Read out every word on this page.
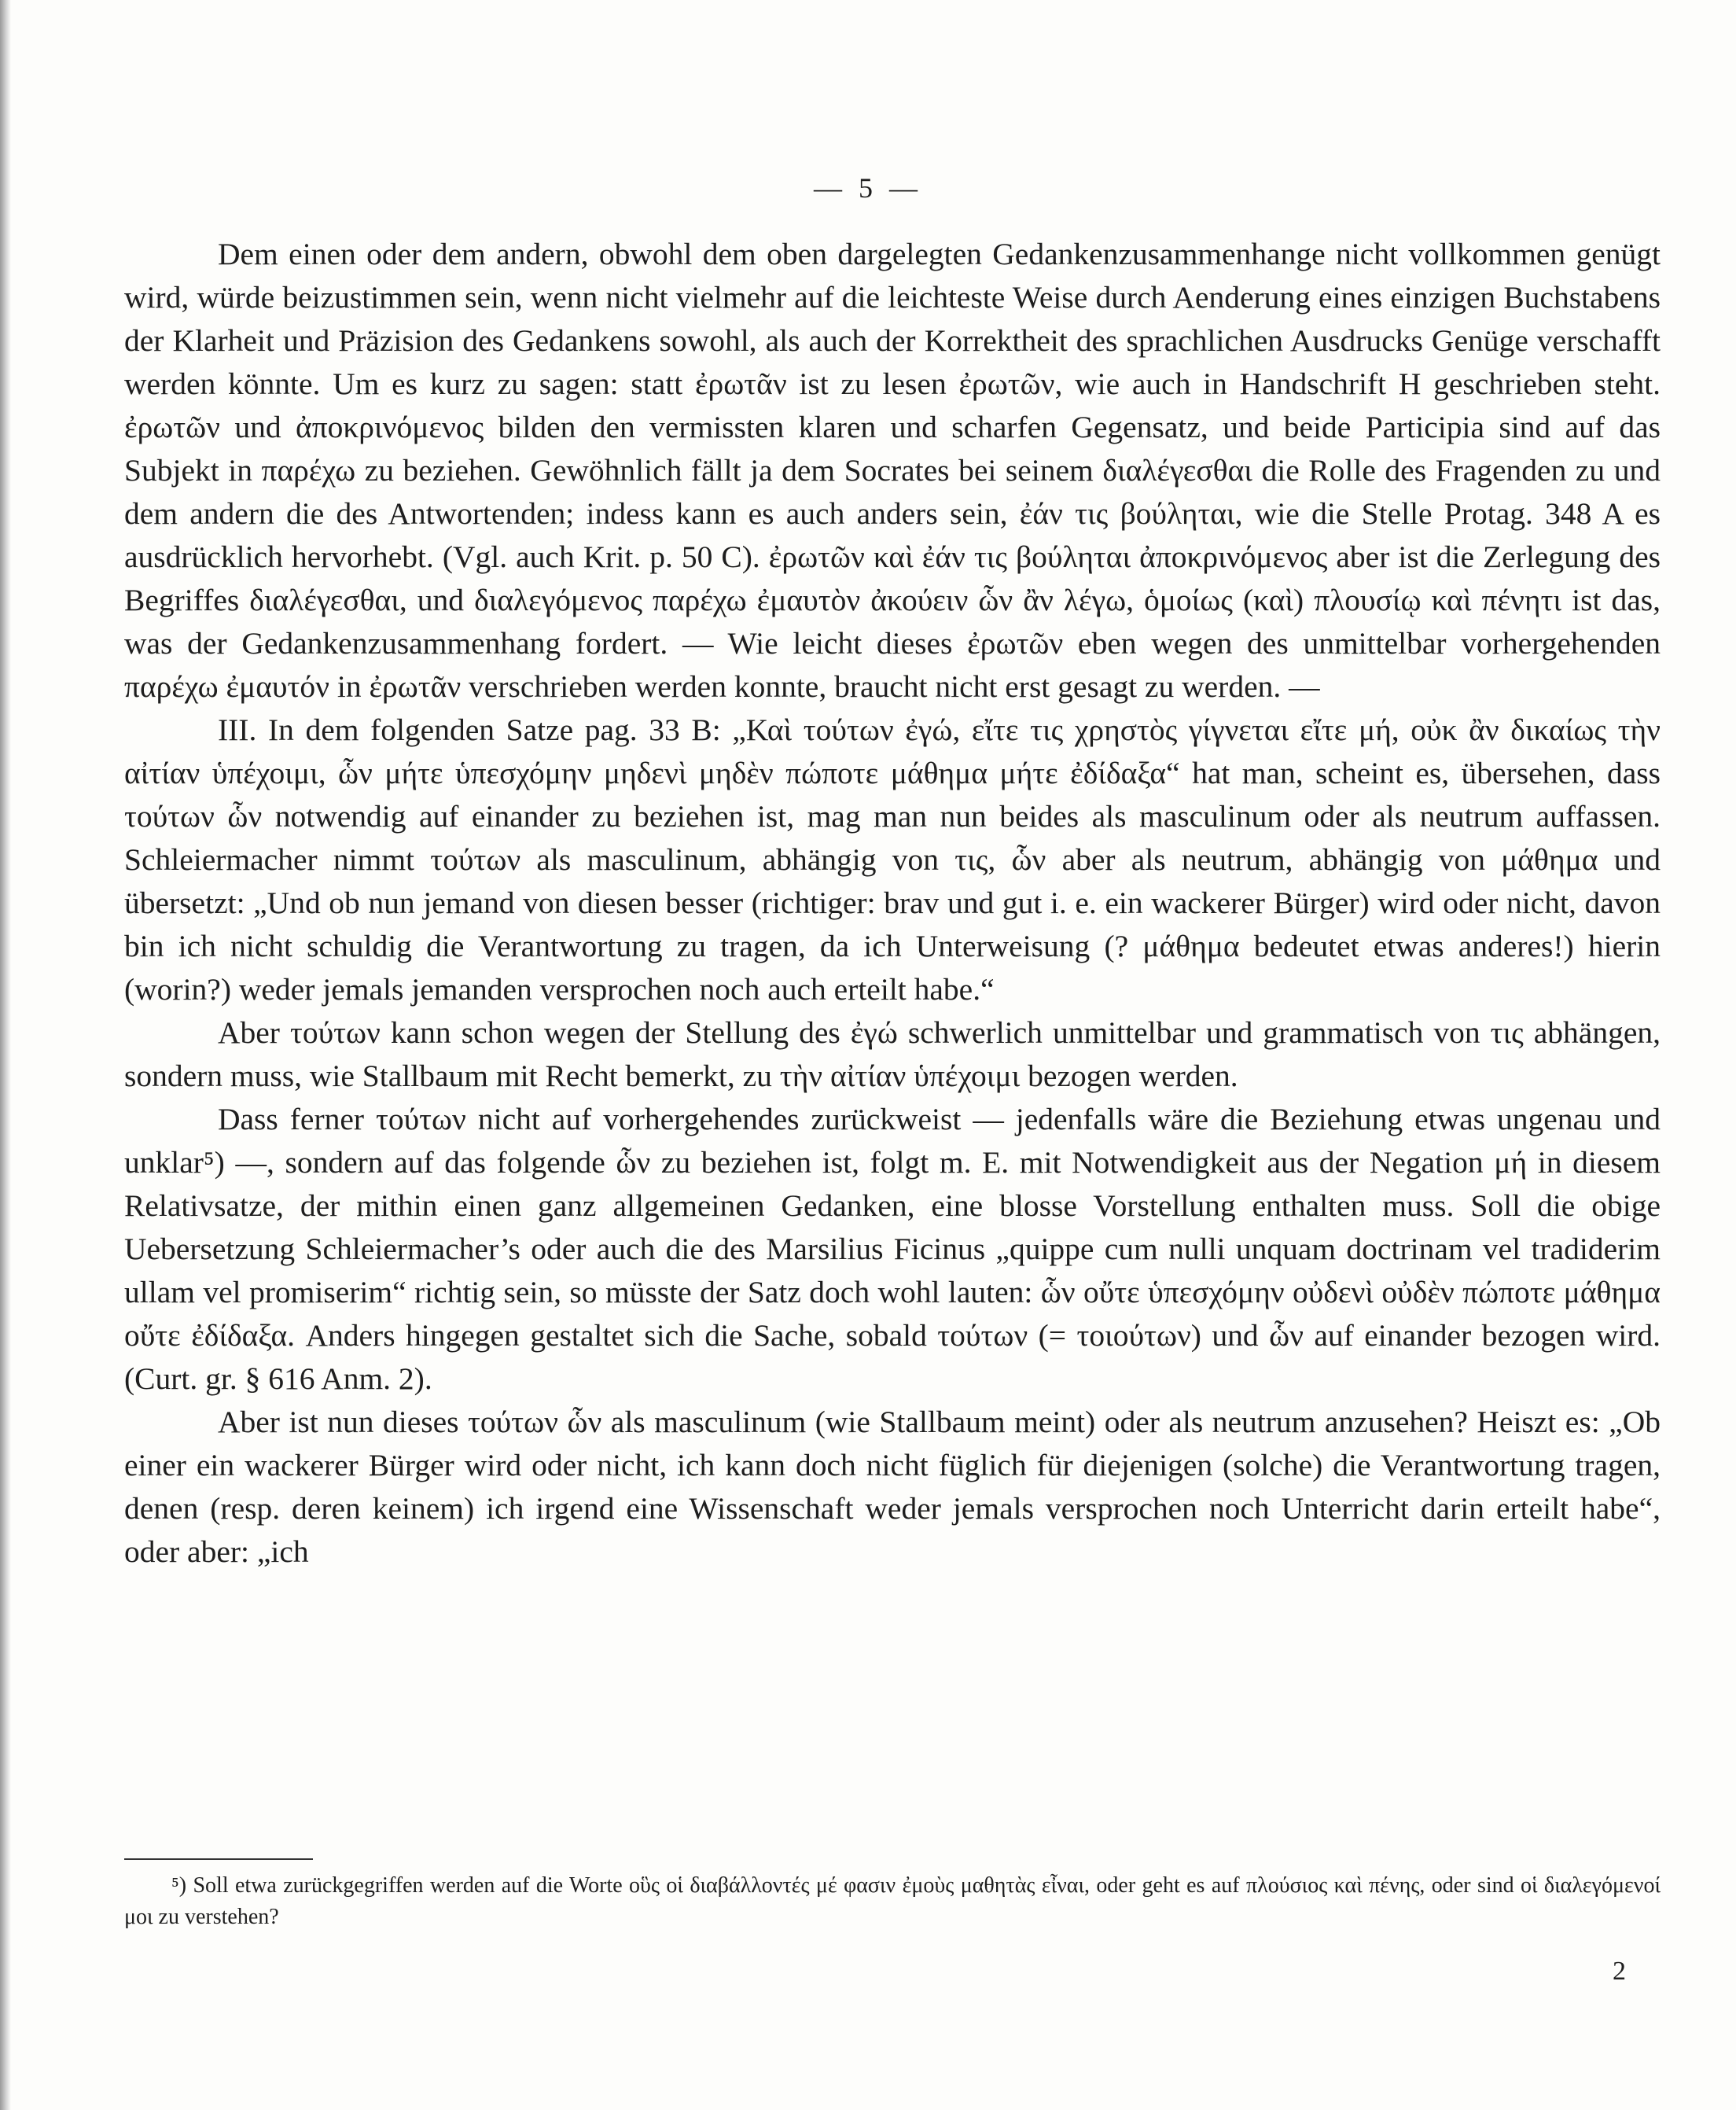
— 5 —

Dem einen oder dem andern, obwohl dem oben dargelegten Gedankenzusammenhange nicht vollkommen genügt wird, würde beizustimmen sein, wenn nicht vielmehr auf die leichteste Weise durch Aenderung eines einzigen Buchstabens der Klarheit und Präzision des Gedankens sowohl, als auch der Korrektheit des sprachlichen Ausdrucks Genüge verschafft werden könnte. Um es kurz zu sagen: statt ἐρωτᾶν ist zu lesen ἐρωτῶν, wie auch in Handschrift H geschrieben steht. ἐρωτῶν und ἀποκρινόμενος bilden den vermissten klaren und scharfen Gegensatz, und beide Participia sind auf das Subjekt in παρέχω zu beziehen. Gewöhnlich fällt ja dem Socrates bei seinem διαλέγεσθαι die Rolle des Fragenden zu und dem andern die des Antwortenden; indess kann es auch anders sein, ἐάν τις βούληται, wie die Stelle Protag. 348 A es ausdrücklich hervorhebt. (Vgl. auch Krit. p. 50 C). ἐρωτῶν καὶ ἐάν τις βούληται ἀποκρινόμενος aber ist die Zerlegung des Begriffes διαλέγεσθαι, und διαλεγόμενος παρέχω ἐμαυτὸν ἀκούειν ὧν ἂν λέγω, ὁμοίως (καὶ) πλουσίῳ καὶ πένητι ist das, was der Gedankenzusammenhang fordert. — Wie leicht dieses ἐρωτῶν eben wegen des unmittelbar vorhergehenden παρέχω ἐμαυτόν in ἐρωτᾶν verschrieben werden konnte, braucht nicht erst gesagt zu werden. —

III. In dem folgenden Satze pag. 33 B: „Καὶ τούτων ἐγώ, εἴτε τις χρηστὸς γίγνεται εἴτε μή, οὐκ ἂν δικαίως τὴν αἰτίαν ὑπέχοιμι, ὧν μήτε ὑπεσχόμην μηδενὶ μηδὲν πώποτε μάθημα μήτε ἐδίδαξα“ hat man, scheint es, übersehen, dass τούτων ὧν notwendig auf einander zu beziehen ist, mag man nun beides als masculinum oder als neutrum auffassen. Schleiermacher nimmt τούτων als masculinum, abhängig von τις, ὧν aber als neutrum, abhängig von μάθημα und übersetzt: „Und ob nun jemand von diesen besser (richtiger: brav und gut i. e. ein wackerer Bürger) wird oder nicht, davon bin ich nicht schuldig die Verantwortung zu tragen, da ich Unterweisung (? μάθημα bedeutet etwas anderes!) hierin (worin?) weder jemals jemanden versprochen noch auch erteilt habe.“

Aber τούτων kann schon wegen der Stellung des ἐγώ schwerlich unmittelbar und grammatisch von τις abhängen, sondern muss, wie Stallbaum mit Recht bemerkt, zu τὴν αἰτίαν ὑπέχοιμι bezogen werden.

Dass ferner τούτων nicht auf vorhergehendes zurückweist — jedenfalls wäre die Beziehung etwas ungenau und unklar⁵) —, sondern auf das folgende ὧν zu beziehen ist, folgt m. E. mit Notwendigkeit aus der Negation μή in diesem Relativsatze, der mithin einen ganz allgemeinen Gedanken, eine blosse Vorstellung enthalten muss. Soll die obige Uebersetzung Schleiermacher’s oder auch die des Marsilius Ficinus „quippe cum nulli unquam doctrinam vel tradiderim ullam vel promiserim“ richtig sein, so müsste der Satz doch wohl lauten: ὧν οὔτε ὑπεσχόμην οὐδενὶ οὐδὲν πώποτε μάθημα οὔτε ἐδίδαξα. Anders hingegen gestaltet sich die Sache, sobald τούτων (= τοιούτων) und ὧν auf einander bezogen wird. (Curt. gr. § 616 Anm. 2).

Aber ist nun dieses τούτων ὧν als masculinum (wie Stallbaum meint) oder als neutrum anzusehen? Heiszt es: „Ob einer ein wackerer Bürger wird oder nicht, ich kann doch nicht füglich für diejenigen (solche) die Verantwortung tragen, denen (resp. deren keinem) ich irgend eine Wissenschaft weder jemals versprochen noch Unterricht darin erteilt habe“, oder aber: „ich

⁵) Soll etwa zurückgegriffen werden auf die Worte οὓς οἱ διαβάλλοντές μέ φασιν ἐμοὺς μαθητὰς εἶναι, oder geht es auf πλούσιος καὶ πένης, oder sind οἱ διαλεγόμενοί μοι zu verstehen?

2
